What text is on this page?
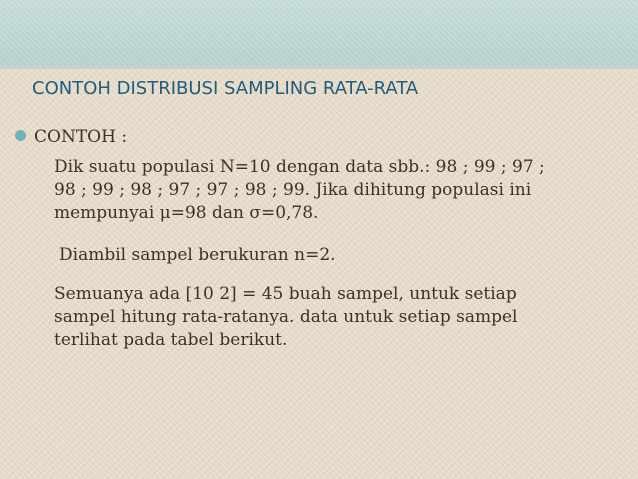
CONTOH DISTRIBUSI SAMPLING RATA-RATA
CONTOH :
Dik suatu populasi N=10 dengan data sbb.: 98 ; 99 ; 97 ;
98 ; 99 ; 98 ; 97 ; 97 ; 98 ; 99. Jika dihitung populasi ini
mempunyai μ=98 dan σ=0,78.
Diambil sampel berukuran n=2.
Semuanya ada [10 2] = 45 buah sampel, untuk setiap
sampel hitung rata-ratanya. data untuk setiap sampel
terlihat pada tabel berikut.
